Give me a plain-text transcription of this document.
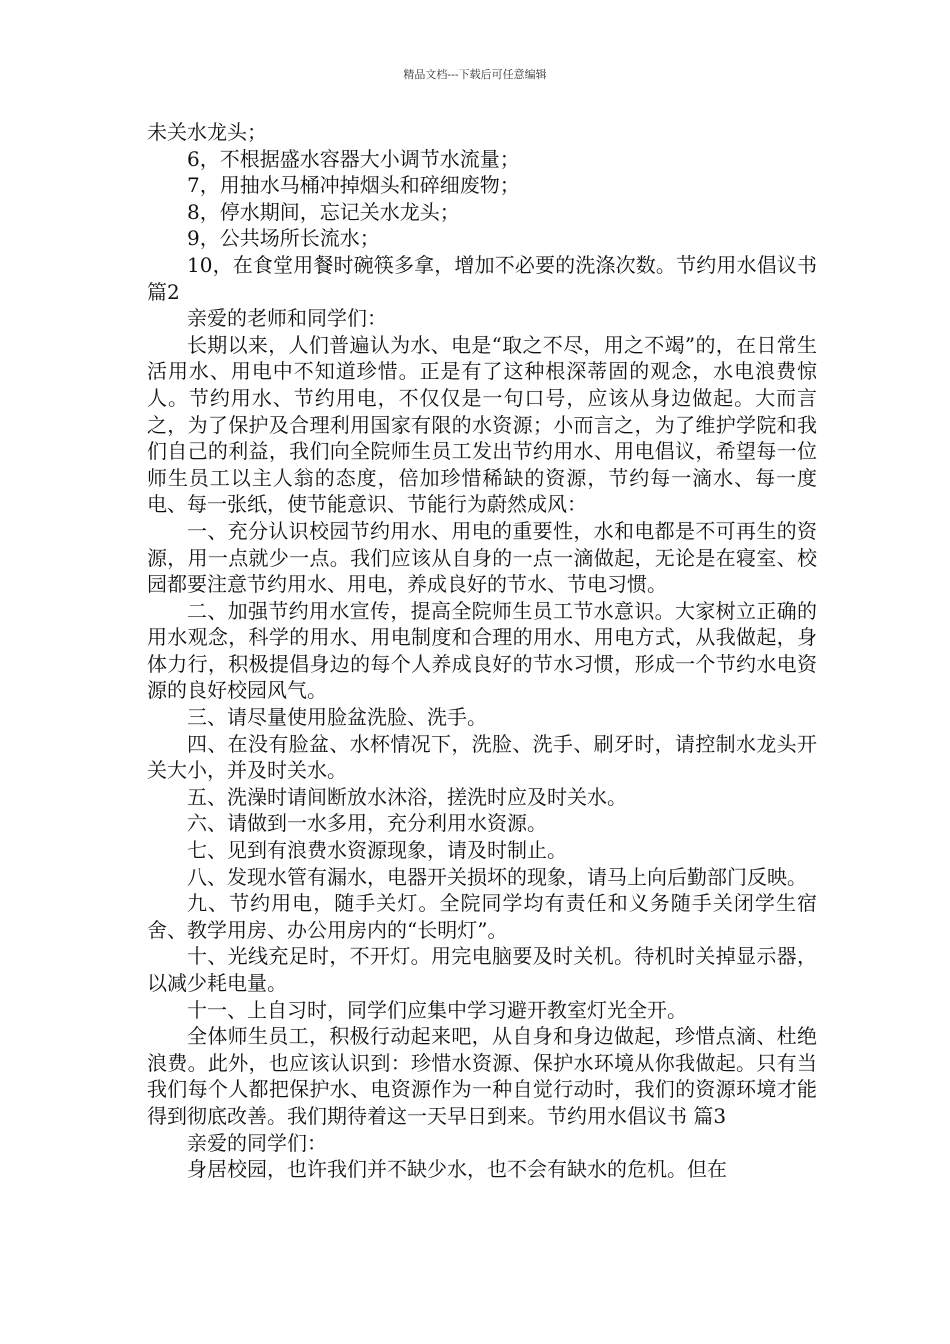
精品文档---下载后可任意编辑

未关水龙头；

6，不根据盛水容器大小调节水流量；

7，用抽水马桶冲掉烟头和碎细废物；

8，停水期间，忘记关水龙头；

9，公共场所长流水；

10，在食堂用餐时碗筷多拿，增加不必要的洗涤次数。节约用水倡议书 篇2

亲爱的老师和同学们：

长期以来，人们普遍认为水、电是“取之不尽，用之不竭”的，在日常生活用水、用电中不知道珍惜。正是有了这种根深蒂固的观念，水电浪费惊人。节约用水、节约用电，不仅仅是一句口号，应该从身边做起。大而言之，为了保护及合理利用国家有限的水资源；小而言之，为了维护学院和我们自己的利益，我们向全院师生员工发出节约用水、用电倡议，希望每一位师生员工以主人翁的态度，倍加珍惜稀缺的资源，节约每一滴水、每一度电、每一张纸，使节能意识、节能行为蔚然成风：

一、充分认识校园节约用水、用电的重要性，水和电都是不可再生的资源，用一点就少一点。我们应该从自身的一点一滴做起，无论是在寝室、校园都要注意节约用水、用电，养成良好的节水、节电习惯。

二、加强节约用水宣传，提高全院师生员工节水意识。大家树立正确的用水观念，科学的用水、用电制度和合理的用水、用电方式，从我做起，身体力行，积极提倡身边的每个人养成良好的节水习惯，形成一个节约水电资源的良好校园风气。

三、请尽量使用脸盆洗脸、洗手。

四、在没有脸盆、水杯情况下，洗脸、洗手、刷牙时，请控制水龙头开关大小，并及时关水。

五、洗澡时请间断放水沐浴，搓洗时应及时关水。

六、请做到一水多用，充分利用水资源。

七、见到有浪费水资源现象，请及时制止。

八、发现水管有漏水，电器开关损坏的现象，请马上向后勤部门反映。

九、节约用电，随手关灯。全院同学均有责任和义务随手关闭学生宿舍、教学用房、办公用房内的“长明灯”。

十、光线充足时，不开灯。用完电脑要及时关机。待机时关掉显示器，以减少耗电量。

十一、上自习时，同学们应集中学习避开教室灯光全开。

全体师生员工，积极行动起来吧，从自身和身边做起，珍惜点滴、杜绝浪费。此外，也应该认识到：珍惜水资源、保护水环境从你我做起。只有当我们每个人都把保护水、电资源作为一种自觉行动时，我们的资源环境才能得到彻底改善。我们期待着这一天早日到来。节约用水倡议书 篇3

亲爱的同学们：

身居校园，也许我们并不缺少水，也不会有缺水的危机。但在
